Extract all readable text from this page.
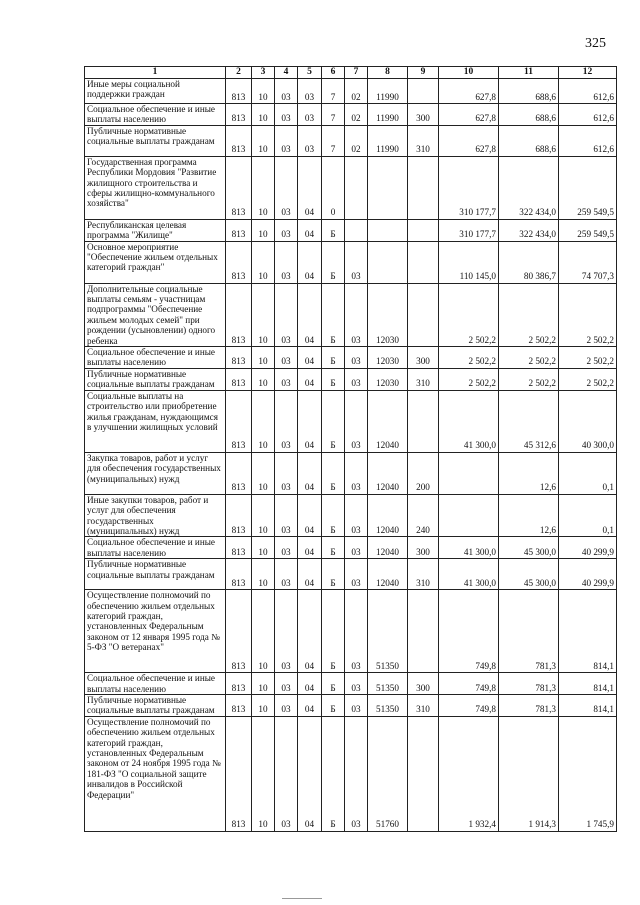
325
1	2	3	4	5	6	7	8	9	10	11	12

Иные меры социальной поддержки граждан	813	10	03	03	7	02	11990		627,8	688,6	612,6

Социальное обеспечение и иные выплаты населению	813	10	03	03	7	02	11990	300	627,8	688,6	612,6

Публичные нормативные социальные выплаты гражданам	813	10	03	03	7	02	11990	310	627,8	688,6	612,6

Государственная программа Республики Мордовия "Развитие жилищного строительства и сферы жилищно-коммунального хозяйства"	813	10	03	04	0				310 177,7	322 434,0	259 549,5

Республиканская целевая программа "Жилище"	813	10	03	04	Б				310 177,7	322 434,0	259 549,5

Основное мероприятие "Обеспечение жильем отдельных категорий граждан"	813	10	03	04	Б	03			110 145,0	80 386,7	74 707,3

Дополнительные социальные выплаты семьям - участницам подпрограммы "Обеспечение жильем молодых семей" при рождении (усыновлении) одного ребенка	813	10	03	04	Б	03	12030		2 502,2	2 502,2	2 502,2

Социальное обеспечение и иные выплаты населению	813	10	03	04	Б	03	12030	300	2 502,2	2 502,2	2 502,2

Публичные нормативные социальные выплаты гражданам	813	10	03	04	Б	03	12030	310	2 502,2	2 502,2	2 502,2

Социальные выплаты на строительство или приобретение жилья гражданам, нуждающимся в улучшении жилищных условий	813	10	03	04	Б	03	12040		41 300,0	45 312,6	40 300,0

Закупка товаров, работ и услуг для обеспечения государственных (муниципальных) нужд	813	10	03	04	Б	03	12040	200		12,6	0,1

Иные закупки товаров, работ и услуг для обеспечения государственных (муниципальных) нужд	813	10	03	04	Б	03	12040	240		12,6	0,1

Социальное обеспечение и иные выплаты населению	813	10	03	04	Б	03	12040	300	41 300,0	45 300,0	40 299,9

Публичные нормативные социальные выплаты гражданам	813	10	03	04	Б	03	12040	310	41 300,0	45 300,0	40 299,9

Осуществление полномочий по обеспечению жильем отдельных категорий граждан, установленных Федеральным законом от 12 января 1995 года № 5-ФЗ "О ветеранах"	813	10	03	04	Б	03	51350		749,8	781,3	814,1

Социальное обеспечение и иные выплаты населению	813	10	03	04	Б	03	51350	300	749,8	781,3	814,1

Публичные нормативные социальные выплаты гражданам	813	10	03	04	Б	03	51350	310	749,8	781,3	814,1

Осуществление полномочий по обеспечению жильем отдельных категорий граждан, установленных Федеральным законом от 24 ноября 1995 года № 181-ФЗ "О социальной защите инвалидов в Российской Федерации"	813	10	03	04	Б	03	51760		1 932,4	1 914,3	1 745,9
